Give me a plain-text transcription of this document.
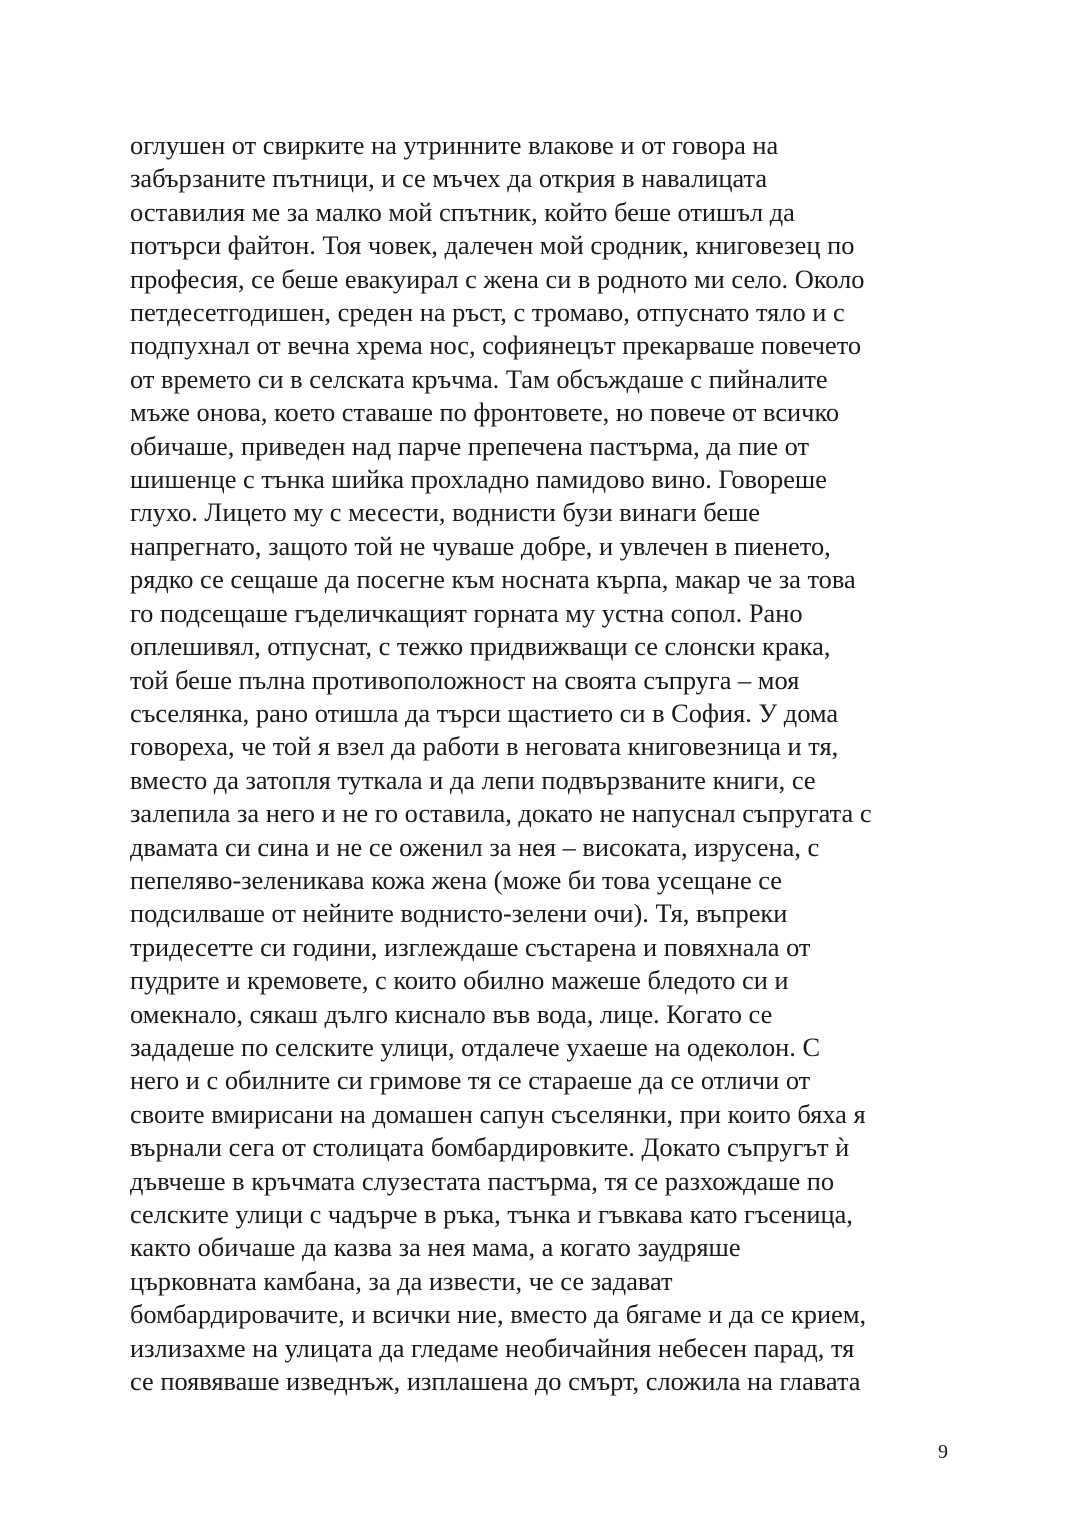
оглушен от свирките на утринните влакове и от говора на
забързаните пътници, и се мъчех да открия в навалицата
оставилия ме за малко мой спътник, който беше отишъл да
потърси файтон. Тоя човек, далечен мой сродник, книговезец по
професия, се беше евакуирал с жена си в родното ми село. Около
петдесетгодишен, среден на ръст, с тромаво, отпуснато тяло и с
подпухнал от вечна хрема нос, софиянецът прекарваше повечето
от времето си в селската кръчма. Там обсъждаше с пийналите
мъже онова, което ставаше по фронтовете, но повече от всичко
обичаше, приведен над парче препечена пастърма, да пие от
шишенце с тънка шийка прохладно памидово вино. Говореше
глухо. Лицето му с месести, воднисти бузи винаги беше
напрегнато, защото той не чуваше добре, и увлечен в пиенето,
рядко се сещаше да посегне към носната кърпа, макар че за това
го подсещаше гъделичкащият горната му устна сопол. Рано
оплешивял, отпуснат, с тежко придвижващи се слонски крака,
той беше пълна противоположност на своята съпруга – моя
съселянка, рано отишла да търси щастието си в София. У дома
говореха, че той я взел да работи в неговата книговезница и тя,
вместо да затопля туткала и да лепи подвързваните книги, се
залепила за него и не го оставила, докато не напуснал съпругата с
двамата си сина и не се оженил за нея – високата, изрусена, с
пепеляво-зеленикава кожа жена (може би това усещане се
подсилваше от нейните воднисто-зелени очи). Тя, въпреки
тридесетте си години, изглеждаше състарена и повяхнала от
пудрите и кремовете, с които обилно мажеше бледото си и
омекнало, сякаш дълго киснало във вода, лице. Когато се
зададеше по селските улици, отдалече ухаеше на одеколон. С
него и с обилните си гримове тя се стараеше да се отличи от
своите вмирисани на домашен сапун съселянки, при които бяха я
върнали сега от столицата бомбардировките. Докато съпругът ѝ
дъвчеше в кръчмата слузестата пастърма, тя се разхождаше по
селските улици с чадърче в ръка, тънка и гъвкава като гъсеница,
както обичаше да казва за нея мама, а когато заудряше
църковната камбана, за да извести, че се задават
бомбардировачите, и всички ние, вместо да бягаме и да се крием,
излизахме на улицата да гледаме необичайния небесен парад, тя
се появяваше изведнъж, изплашена до смърт, сложила на главата
9
